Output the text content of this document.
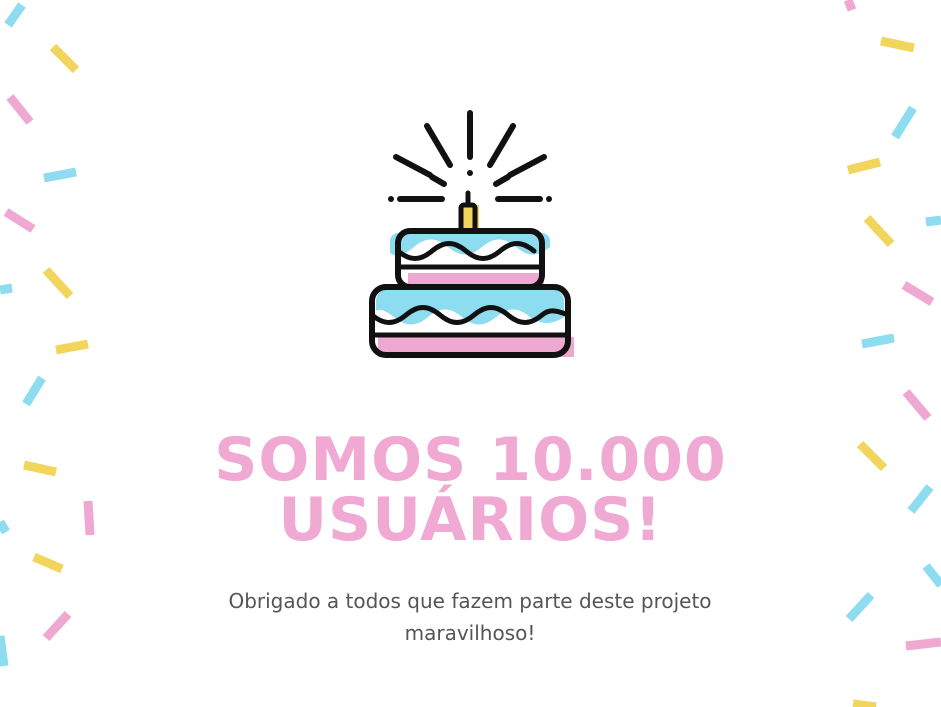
SOMOS 10.000
USUÁRIOS!
Obrigado a todos que fazem parte deste projeto
maravilhoso!
